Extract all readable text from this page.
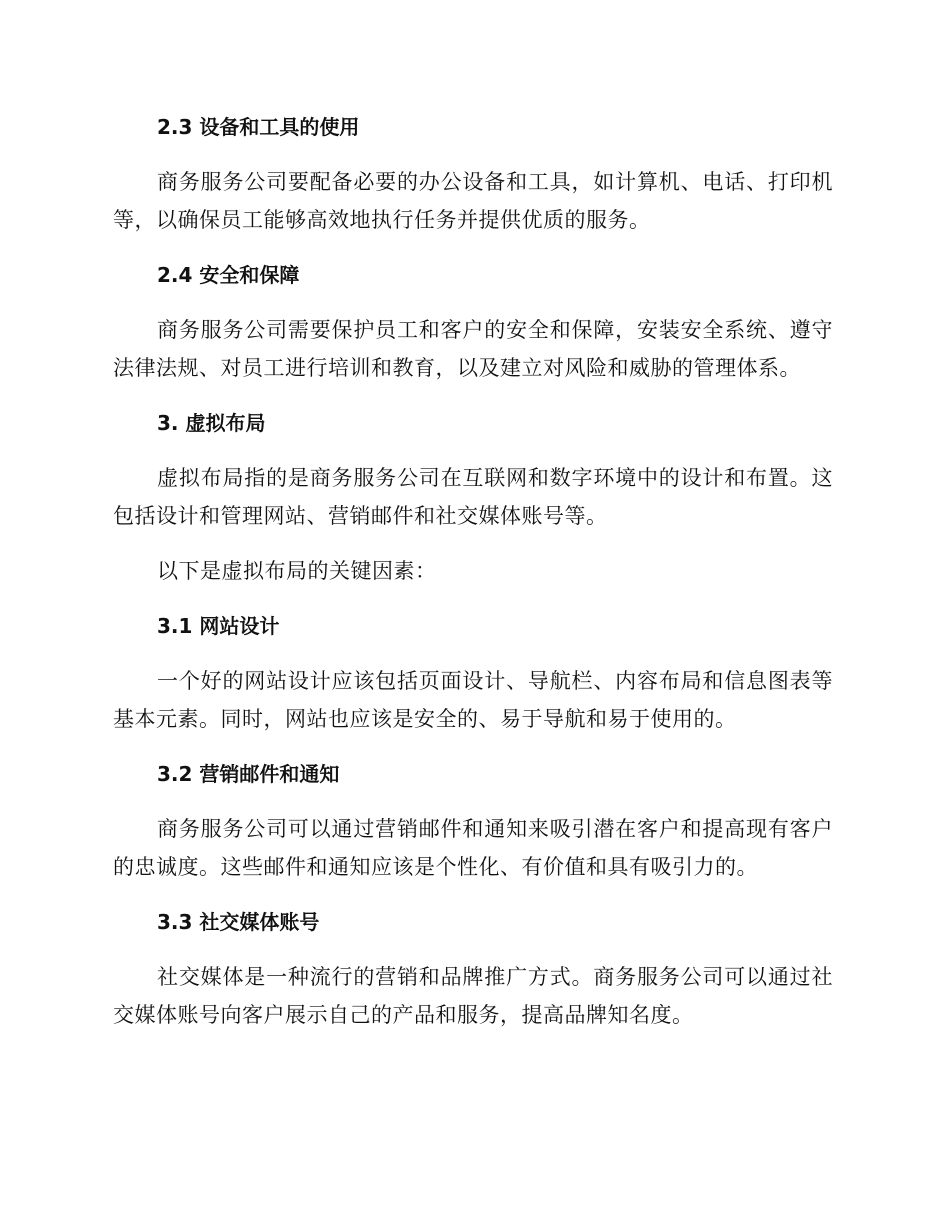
2.3 设备和工具的使用

商务服务公司要配备必要的办公设备和工具，如计算机、电话、打印机等，以确保员工能够高效地执行任务并提供优质的服务。

2.4 安全和保障

商务服务公司需要保护员工和客户的安全和保障，安装安全系统、遵守法律法规、对员工进行培训和教育，以及建立对风险和威胁的管理体系。

3. 虚拟布局

虚拟布局指的是商务服务公司在互联网和数字环境中的设计和布置。这包括设计和管理网站、营销邮件和社交媒体账号等。

以下是虚拟布局的关键因素：

3.1 网站设计

一个好的网站设计应该包括页面设计、导航栏、内容布局和信息图表等基本元素。同时，网站也应该是安全的、易于导航和易于使用的。

3.2 营销邮件和通知

商务服务公司可以通过营销邮件和通知来吸引潜在客户和提高现有客户的忠诚度。这些邮件和通知应该是个性化、有价值和具有吸引力的。

3.3 社交媒体账号

社交媒体是一种流行的营销和品牌推广方式。商务服务公司可以通过社交媒体账号向客户展示自己的产品和服务，提高品牌知名度。
